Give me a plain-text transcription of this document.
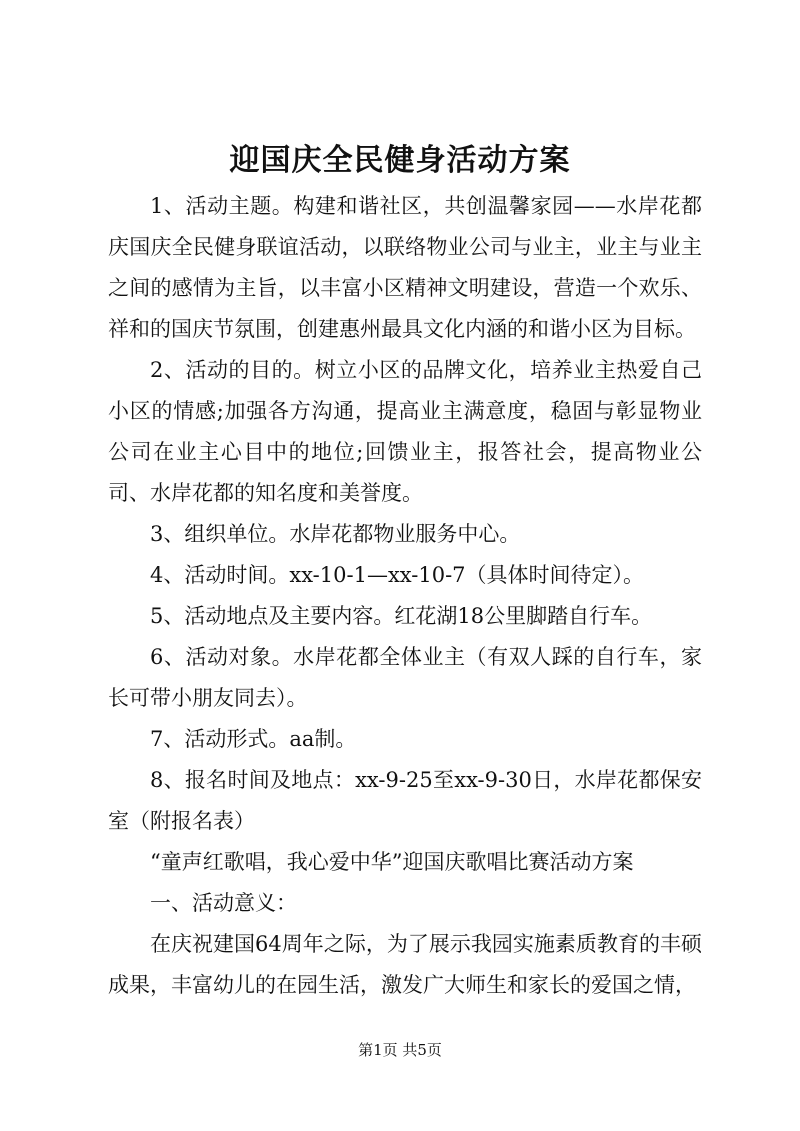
迎国庆全民健身活动方案

1、活动主题。构建和谐社区，共创温馨家园——水岸花都庆国庆全民健身联谊活动，以联络物业公司与业主，业主与业主之间的感情为主旨，以丰富小区精神文明建设，营造一个欢乐、祥和的国庆节氛围，创建惠州最具文化内涵的和谐小区为目标。

2、活动的目的。树立小区的品牌文化，培养业主热爱自己小区的情感;加强各方沟通，提高业主满意度，稳固与彰显物业公司在业主心目中的地位;回馈业主，报答社会，提高物业公司、水岸花都的知名度和美誉度。

3、组织单位。水岸花都物业服务中心。

4、活动时间。xx-10-1—xx-10-7（具体时间待定）。

5、活动地点及主要内容。红花湖18公里脚踏自行车。

6、活动对象。水岸花都全体业主（有双人踩的自行车，家长可带小朋友同去）。

7、活动形式。aa制。

8、报名时间及地点：xx-9-25至xx-9-30日，水岸花都保安室（附报名表）

“童声红歌唱，我心爱中华”迎国庆歌唱比赛活动方案

一、活动意义：

在庆祝建国64周年之际，为了展示我园实施素质教育的丰硕成果，丰富幼儿的在园生活，激发广大师生和家长的爱国之情，

第1页 共5页
